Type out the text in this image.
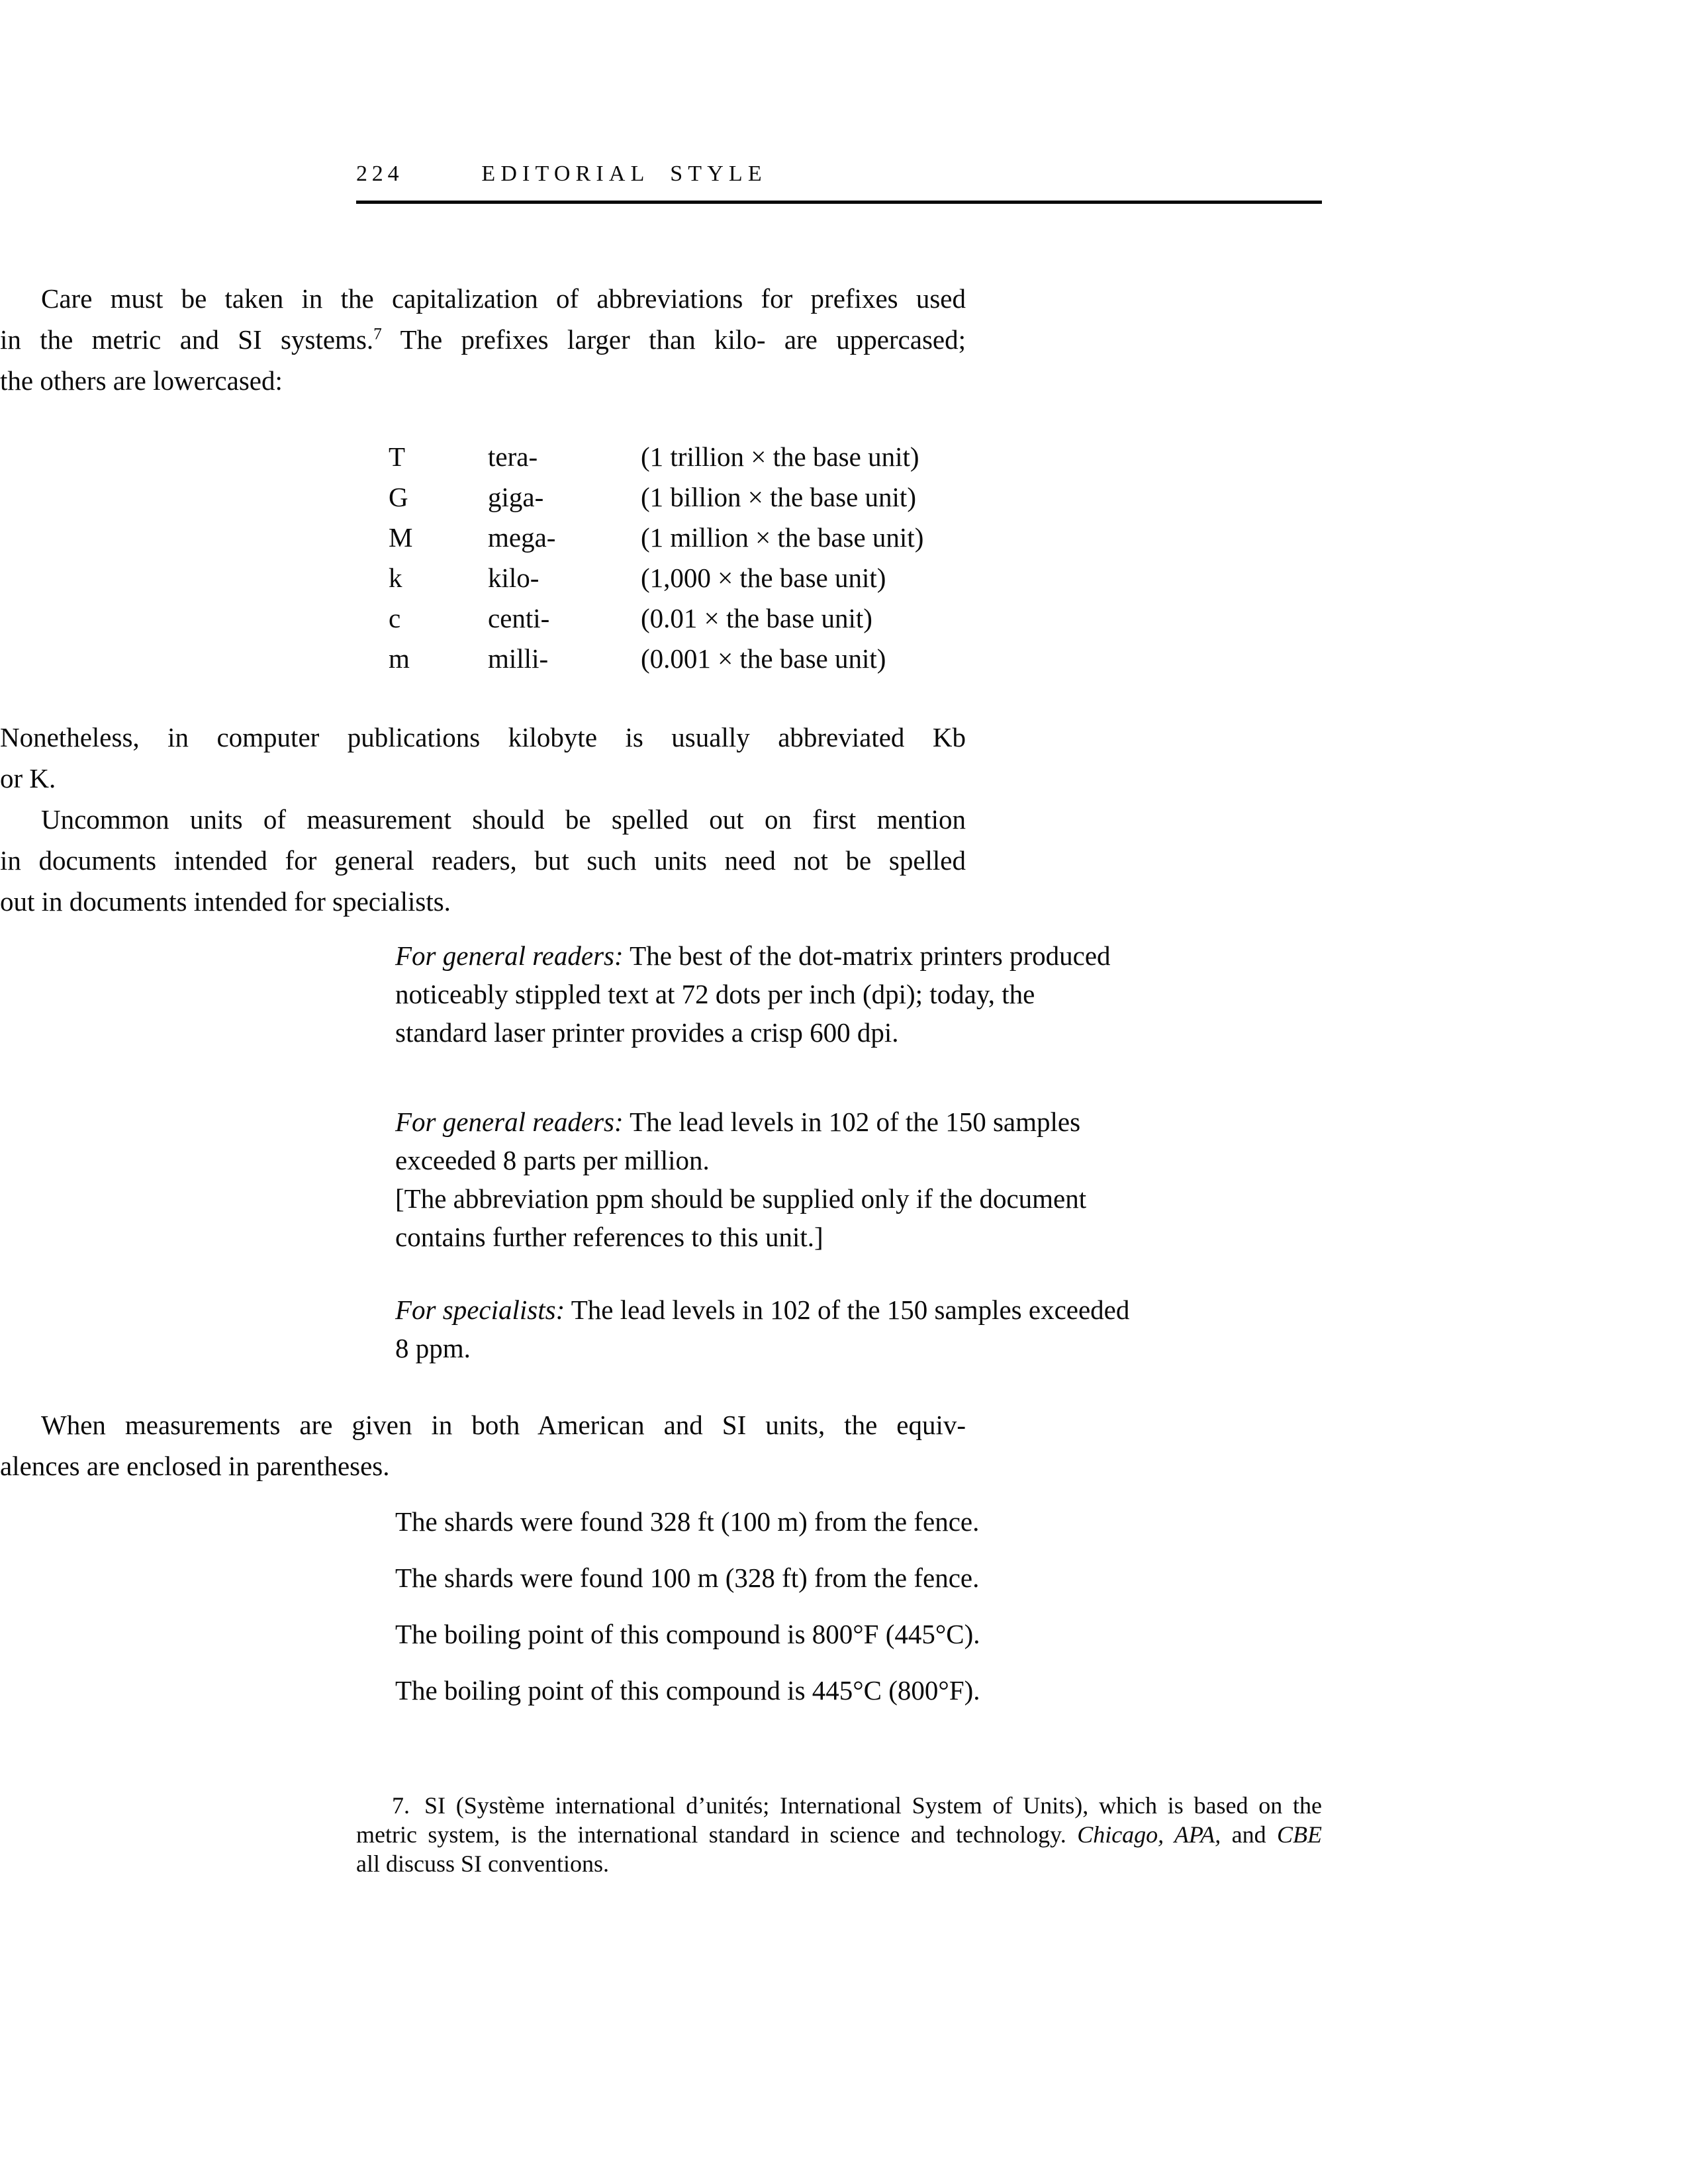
224	EDITORIAL STYLE
Care must be taken in the capitalization of abbreviations for prefixes used
in the metric and SI systems.$^7$ The prefixes larger than kilo- are uppercased;
the others are lowercased:
T	tera-	(1 trillion × the base unit)
G	giga-	(1 billion × the base unit)
M	mega-	(1 million × the base unit)
k	kilo-	(1,000 × the base unit)
c	centi-	(0.01 × the base unit)
m	milli-	(0.001 × the base unit)
Nonetheless, in computer publications kilobyte is usually abbreviated Kb
or K.
Uncommon units of measurement should be spelled out on first mention
in documents intended for general readers, but such units need not be spelled
out in documents intended for specialists.
For general readers: The best of the dot-matrix printers produced
noticeably stippled text at 72 dots per inch (dpi); today, the
standard laser printer provides a crisp 600 dpi.
For general readers: The lead levels in 102 of the 150 samples
exceeded 8 parts per million.
[The abbreviation ppm should be supplied only if the document
contains further references to this unit.]
For specialists: The lead levels in 102 of the 150 samples exceeded
8 ppm.
When measurements are given in both American and SI units, the equiv-
alences are enclosed in parentheses.
The shards were found 328 ft (100 m) from the fence.
The shards were found 100 m (328 ft) from the fence.
The boiling point of this compound is 800°F (445°C).
The boiling point of this compound is 445°C (800°F).
7. SI (Système international d’unités; International System of Units), which is based on the
metric system, is the international standard in science and technology. Chicago, APA, and CBE
all discuss SI conventions.
